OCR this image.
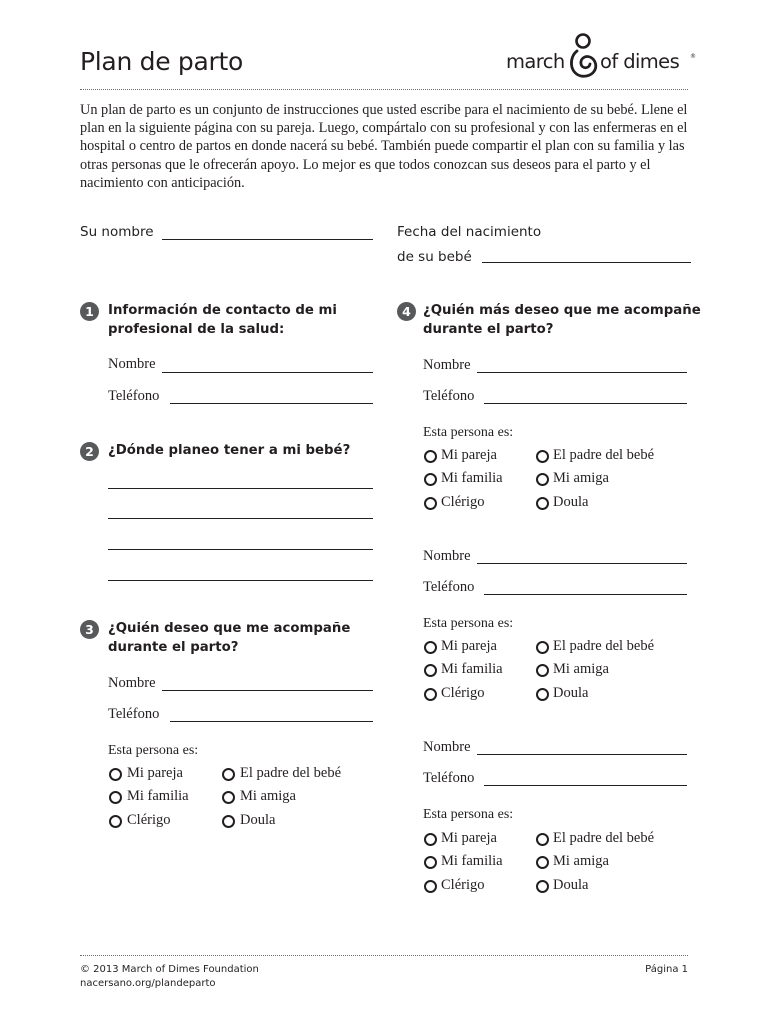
Plan de parto	march of dimes ®
Un plan de parto es un conjunto de instrucciones que usted escribe para el nacimiento de su bebé. Llene el plan en la siguiente página con su pareja. Luego, compártalo con su profesional y con las enfermeras en el hospital o centro de partos en donde nacerá su bebé. También puede compartir el plan con su familia y las otras personas que le ofrecerán apoyo. Lo mejor es que todos conozcan sus deseos para el parto y el nacimiento con anticipación.
Su nombre	Fecha del nacimiento
de su bebé
1	Información de contacto de mi
profesional de la salud:
Nombre
Teléfono
2	¿Dónde planeo tener a mi bebé?
3	¿Quién deseo que me acompañe
durante el parto?
Nombre
Teléfono
Esta persona es:
Mi pareja	El padre del bebé
Mi familia	Mi amiga
Clérigo	Doula
4 ¿Quién más deseo que me acompañe
durante el parto?
Nombre
Teléfono
Esta persona es:
Mi pareja	El padre del bebé
Mi familia	Mi amiga
Clérigo	Doula
Nombre
Teléfono
Esta persona es:
Mi pareja	El padre del bebé
Mi familia	Mi amiga
Clérigo	Doula
Nombre
Teléfono
Esta persona es:
Mi pareja	El padre del bebé
Mi familia	Mi amiga
Clérigo	Doula
© 2013 March of Dimes Foundation
nacersano.org/plandeparto
Página 1
